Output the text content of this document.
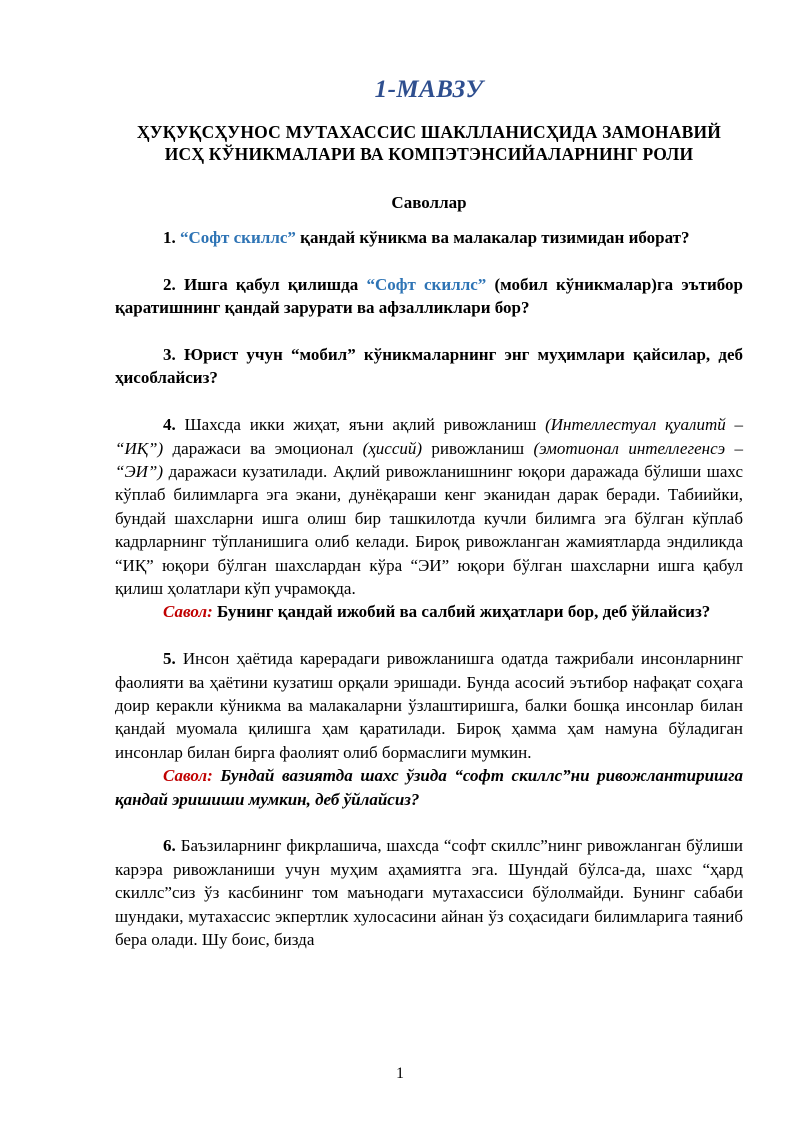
1-МАВЗУ
ҲУҚУҚСҲУНОС МУТАХАССИС ШАКЛЛАНИСҲИДА ЗАМОНАВИЙ
ИСҲ КЎНИКМАЛАРИ ВА КОМПЭТЭНСИЙАЛАРНИНГ РОЛИ
Саволлар

1. “Софт скиллс” қандай кўникма ва малакалар тизимидан иборат?

2. Ишга қабул қилишда “Софт скиллс” (мобил кўникмалар)га эътибор қаратишнинг қандай зарурати ва афзалликлари бор?

3. Юрист учун “мобил” кўникмаларнинг энг муҳимлари қайсилар, деб ҳисоблайсиз?

4. Шахсда икки жиҳат, яъни ақлий ривожланиш (Интеллестуал қуалитй – “ИҚ”) даражаси ва эмоционал (ҳиссий) ривожланиш (эмотионал интеллегенсэ – “ЭИ”) даражаси кузатилади. Ақлий ривожланишнинг юқори даражада бўлиши шахс кўплаб билимларга эга экани, дунёқараши кенг эканидан дарак беради. Табиийки, бундай шахсларни ишга олиш бир ташкилотда кучли билимга эга бўлган кўплаб кадрларнинг тўпланишига олиб келади. Бироқ ривожланган жамиятларда эндиликда “ИҚ” юқори бўлган шахслардан кўра “ЭИ” юқори бўлган шахсларни ишга қабул қилиш ҳолатлари кўп учрамоқда.

Савол: Бунинг қандай ижобий ва салбий жиҳатлари бор, деб ўйлайсиз?

5. Инсон ҳаётида карерадаги ривожланишга одатда тажрибали инсонларнинг фаолияти ва ҳаётини кузатиш орқали эришади. Бунда асосий эътибор нафақат соҳага доир керакли кўникма ва малакаларни ўзлаштиришга, балки бошқа инсонлар билан қандай муомала қилишга ҳам қаратилади. Бироқ ҳамма ҳам намуна бўладиган инсонлар билан бирга фаолият олиб бормаслиги мумкин.

Савол: Бундай вазиятда шахс ўзида “софт скиллс”ни ривожлантиришга қандай эришиши мумкин, деб ўйлайсиз?

6. Баъзиларнинг фикрлашича, шахсда “софт скиллс”нинг ривожланган бўлиши карэра ривожланиши учун муҳим аҳамиятга эга. Шундай бўлса-да, шахс “ҳард скиллс”сиз ўз касбининг том маънодаги мутахассиси бўлолмайди. Бунинг сабаби шундаки, мутахассис экпертлик хулосасини айнан ўз соҳасидаги билимларига таяниб бера олади. Шу боис, бизда

1
